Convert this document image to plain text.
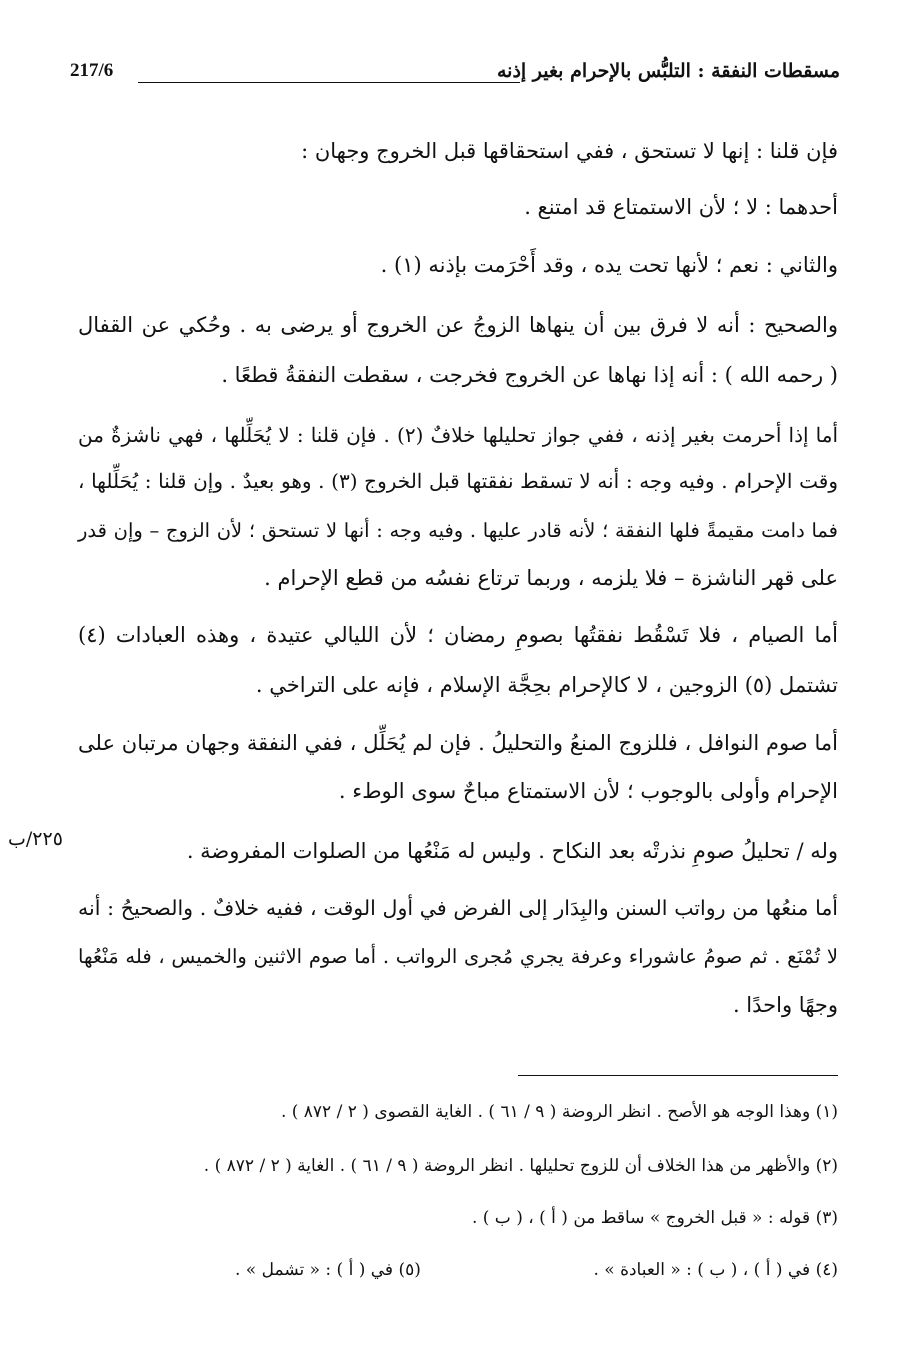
مسقطات النفقة : التلبُّس بالإحرام بغير إذنه
217/6
فإن قلنا : إنها لا تستحق ، ففي استحقاقها قبل الخروج وجهان :
أحدهما : لا ؛ لأن الاستمتاع قد امتنع .
والثاني : نعم ؛ لأنها تحت يده ، وقد أَحْرَمت بإذنه (١) .
والصحيح : أنه لا فرق بين أن ينهاها الزوجُ عن الخروج أو يرضى به . وحُكي عن القفال
( رحمه الله ) : أنه إذا نهاها عن الخروج فخرجت ، سقطت النفقةُ قطعًا .
أما إذا أحرمت بغير إذنه ، ففي جواز تحليلها خلافٌ (٢) . فإن قلنا : لا يُحَلِّلها ، فهي ناشزةٌ من
وقت الإحرام . وفيه وجه : أنه لا تسقط نفقتها قبل الخروج (٣) . وهو بعيدٌ . وإن قلنا : يُحَلِّلها ،
فما دامت مقيمةً فلها النفقة ؛ لأنه قادر عليها . وفيه وجه : أنها لا تستحق ؛ لأن الزوج – وإن قدر
على قهر الناشزة – فلا يلزمه ، وربما ترتاع نفسُه من قطع الإحرام .
أما الصيام ، فلا تَسْقُط نفقتُها بصومِ رمضان ؛ لأن الليالي عتيدة ، وهذه العبادات (٤)
تشتمل (٥) الزوجين ، لا كالإحرام بحِجَّة الإسلام ، فإنه على التراخي .
أما صوم النوافل ، فللزوج المنعُ والتحليلُ . فإن لم يُحَلِّل ، ففي النفقة وجهان مرتبان على
الإحرام وأولى بالوجوب ؛ لأن الاستمتاع مباحٌ سوى الوطء .
وله / تحليلُ صومِ نذرتْه بعد النكاح . وليس له مَنْعُها من الصلوات المفروضة .
أما منعُها من رواتب السنن والبِدَار إلى الفرض في أول الوقت ، ففيه خلافٌ . والصحيحُ : أنه
لا تُمْنَع . ثم صومُ عاشوراء وعرفة يجري مُجرى الرواتب . أما صوم الاثنين والخميس ، فله مَنْعُها
وجهًا واحدًا .
٢٢٥/ب
(١) وهذا الوجه هو الأصح . انظر الروضة ( ٩ / ٦١ ) . الغاية القصوى ( ٢ / ٨٧٢ ) .
(٢) والأظهر من هذا الخلاف أن للزوج تحليلها . انظر الروضة ( ٩ / ٦١ ) . الغاية ( ٢ / ٨٧٢ ) .
(٣) قوله : « قبل الخروج » ساقط من ( أ ) ، ( ب ) .
(٤) في ( أ ) ، ( ب ) : « العبادة » .
(٥) في ( أ ) : « تشمل » .
